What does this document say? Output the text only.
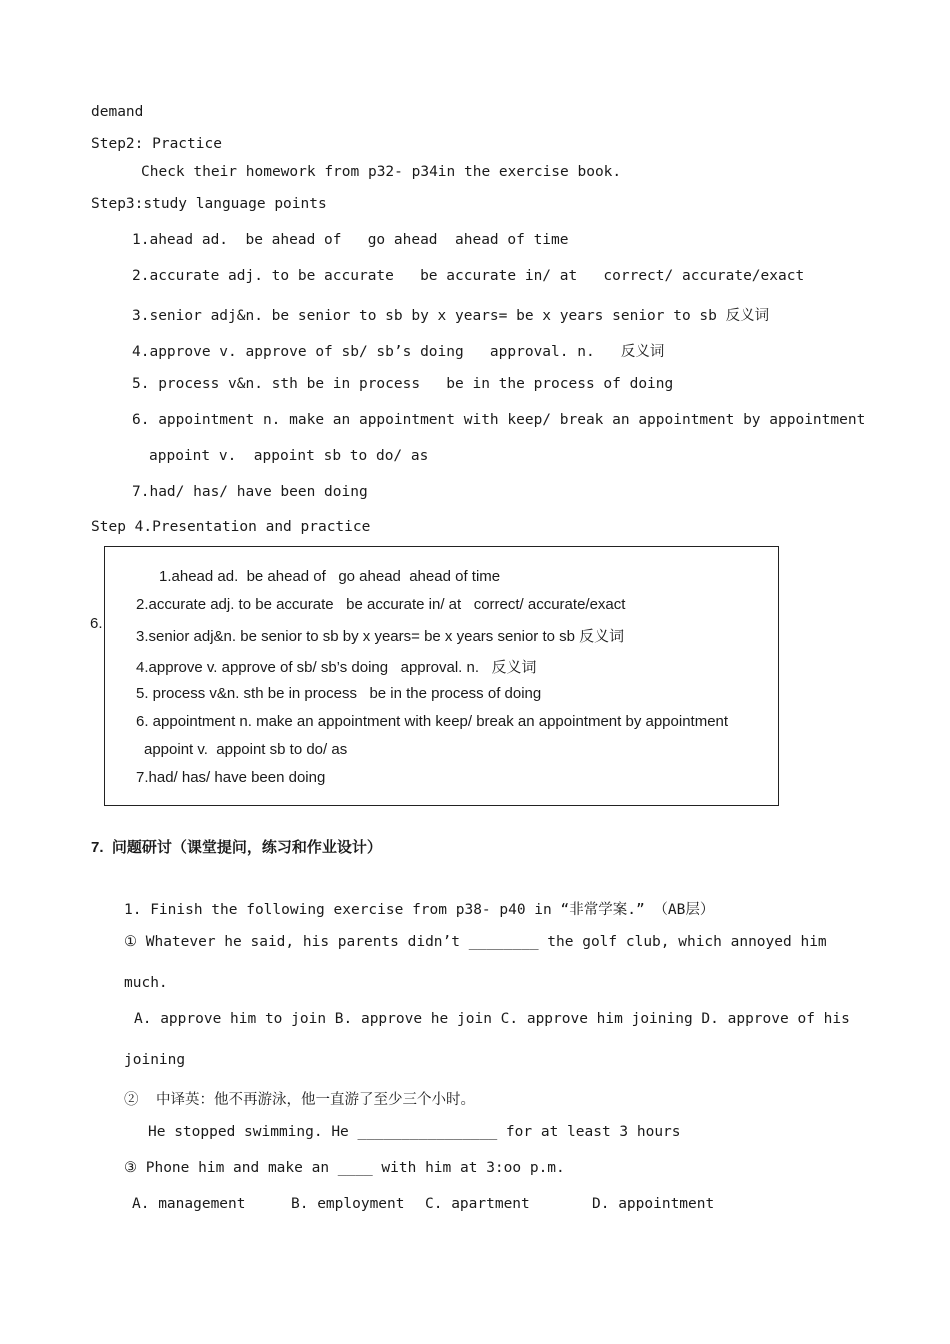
demand
Step2: Practice
Check their homework from p32- p34in the exercise book.
Step3:study language points
1.ahead ad.  be ahead of   go ahead  ahead of time
2.accurate adj. to be accurate   be accurate in/ at   correct/ accurate/exact
3.senior adj&n. be senior to sb by x years= be x years senior to sb 反义词
4.approve v. approve of sb/ sb’s doing   approval. n.   反义词
5. process v&n. sth be in process   be in the process of doing
6. appointment n. make an appointment with keep/ break an appointment by appointment
appoint v.  appoint sb to do/ as
7.had/ has/ have been doing
Step 4.Presentation and practice
6.
1.ahead ad.  be ahead of   go ahead  ahead of time
2.accurate adj. to be accurate   be accurate in/ at   correct/ accurate/exact
3.senior adj&n. be senior to sb by x years= be x years senior to sb 反义词
4.approve v. approve of sb/ sb’s doing   approval. n.   反义词
5. process v&n. sth be in process   be in the process of doing
6. appointment n. make an appointment with keep/ break an appointment by appointment
appoint v.  appoint sb to do/ as
7.had/ has/ have been doing
7.  问题研讨（课堂提问，练习和作业设计）
1. Finish the following exercise from p38- p40 in “非常学案.” （AB层）
① Whatever he said, his parents didn’t ________ the golf club, which annoyed him
much.
A. approve him to join B. approve he join C. approve him joining D. approve of his
joining
②  中译英：他不再游泳，他一直游了至少三个小时。
He stopped swimming. He ________________ for at least 3 hours
③ Phone him and make an ____ with him at 3:oo p.m.
A. management	B. employment C. apartment	D. appointment
